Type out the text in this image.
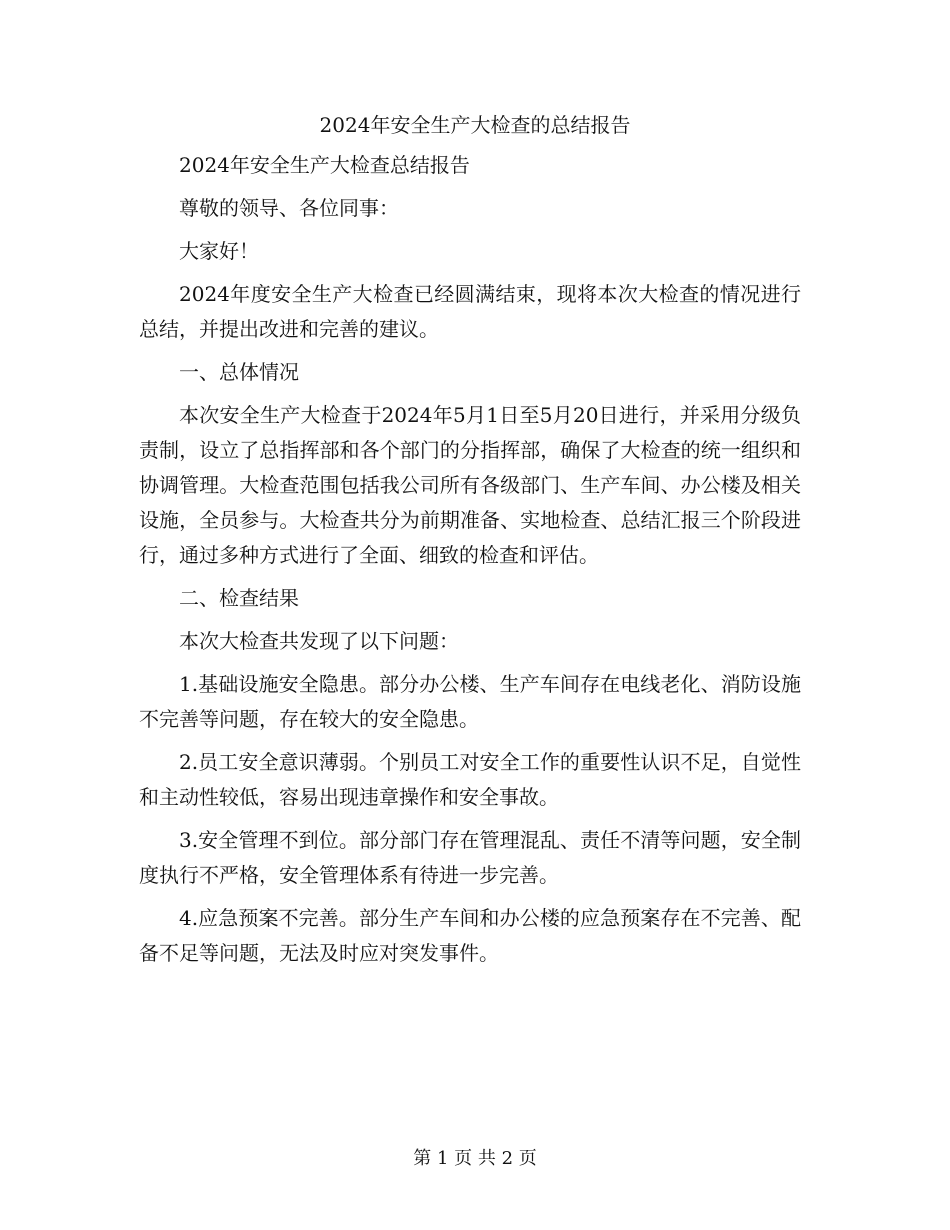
2024年安全生产大检查的总结报告

2024年安全生产大检查总结报告

尊敬的领导、各位同事：

大家好！

2024年度安全生产大检查已经圆满结束，现将本次大检查的情况进行总结，并提出改进和完善的建议。

一、总体情况

本次安全生产大检查于2024年5月1日至5月20日进行，并采用分级负责制，设立了总指挥部和各个部门的分指挥部，确保了大检查的统一组织和协调管理。大检查范围包括我公司所有各级部门、生产车间、办公楼及相关设施，全员参与。大检查共分为前期准备、实地检查、总结汇报三个阶段进行，通过多种方式进行了全面、细致的检查和评估。

二、检查结果

本次大检查共发现了以下问题：

1.基础设施安全隐患。部分办公楼、生产车间存在电线老化、消防设施不完善等问题，存在较大的安全隐患。

2.员工安全意识薄弱。个别员工对安全工作的重要性认识不足，自觉性和主动性较低，容易出现违章操作和安全事故。

3.安全管理不到位。部分部门存在管理混乱、责任不清等问题，安全制度执行不严格，安全管理体系有待进一步完善。

4.应急预案不完善。部分生产车间和办公楼的应急预案存在不完善、配备不足等问题，无法及时应对突发事件。

第 1 页 共 2 页
